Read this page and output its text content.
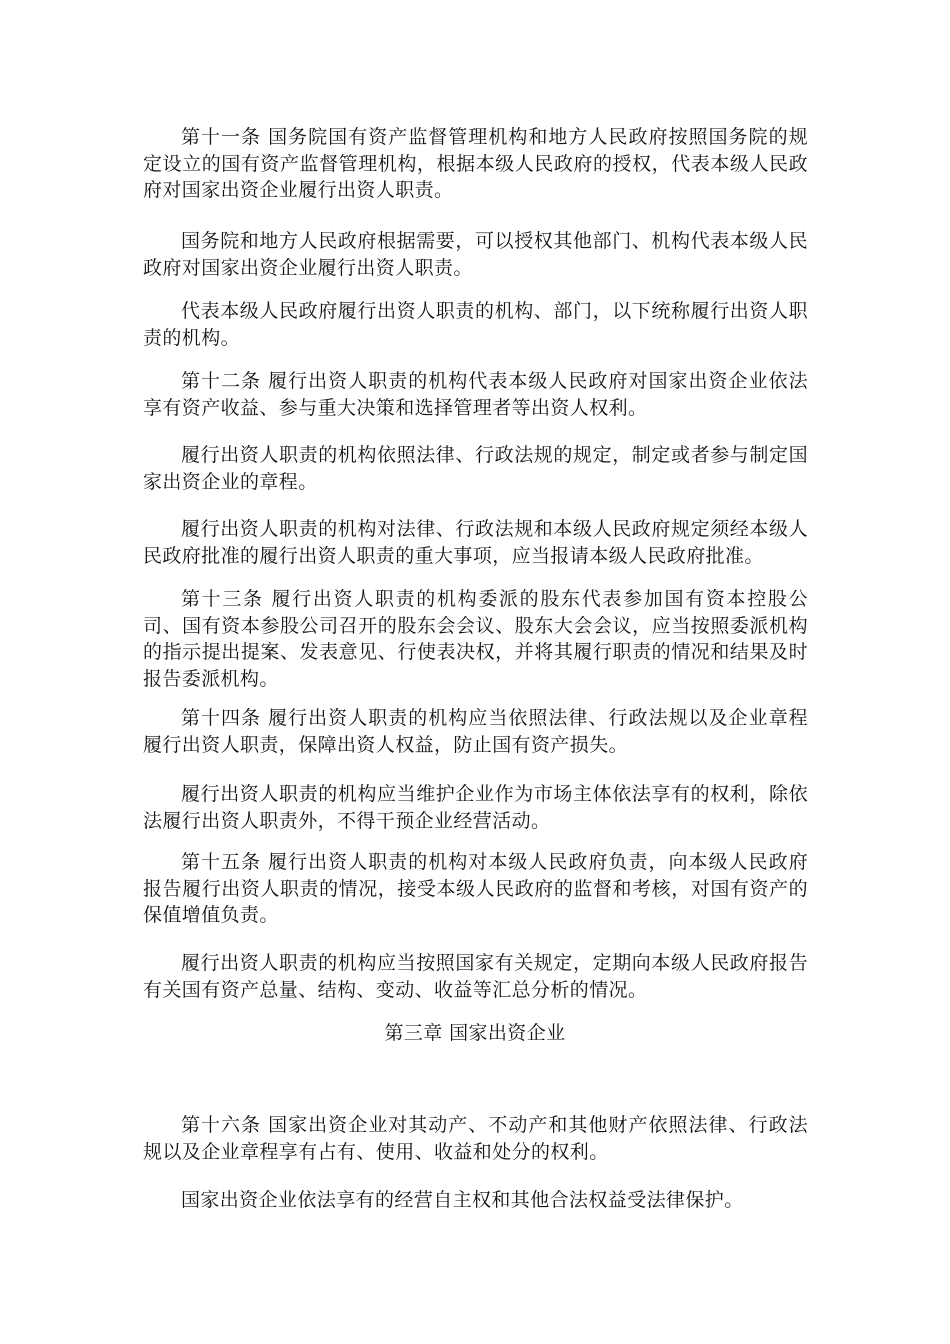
第十一条 国务院国有资产监督管理机构和地方人民政府按照国务院的规定设立的国有资产监督管理机构，根据本级人民政府的授权，代表本级人民政府对国家出资企业履行出资人职责。

国务院和地方人民政府根据需要，可以授权其他部门、机构代表本级人民政府对国家出资企业履行出资人职责。

代表本级人民政府履行出资人职责的机构、部门，以下统称履行出资人职责的机构。

第十二条 履行出资人职责的机构代表本级人民政府对国家出资企业依法享有资产收益、参与重大决策和选择管理者等出资人权利。

履行出资人职责的机构依照法律、行政法规的规定，制定或者参与制定国家出资企业的章程。

履行出资人职责的机构对法律、行政法规和本级人民政府规定须经本级人民政府批准的履行出资人职责的重大事项，应当报请本级人民政府批准。

第十三条 履行出资人职责的机构委派的股东代表参加国有资本控股公司、国有资本参股公司召开的股东会会议、股东大会会议，应当按照委派机构的指示提出提案、发表意见、行使表决权，并将其履行职责的情况和结果及时报告委派机构。

第十四条 履行出资人职责的机构应当依照法律、行政法规以及企业章程履行出资人职责，保障出资人权益，防止国有资产损失。

履行出资人职责的机构应当维护企业作为市场主体依法享有的权利，除依法履行出资人职责外，不得干预企业经营活动。

第十五条 履行出资人职责的机构对本级人民政府负责，向本级人民政府报告履行出资人职责的情况，接受本级人民政府的监督和考核，对国有资产的保值增值负责。

履行出资人职责的机构应当按照国家有关规定，定期向本级人民政府报告有关国有资产总量、结构、变动、收益等汇总分析的情况。

第三章 国家出资企业

第十六条 国家出资企业对其动产、不动产和其他财产依照法律、行政法规以及企业章程享有占有、使用、收益和处分的权利。

国家出资企业依法享有的经营自主权和其他合法权益受法律保护。
